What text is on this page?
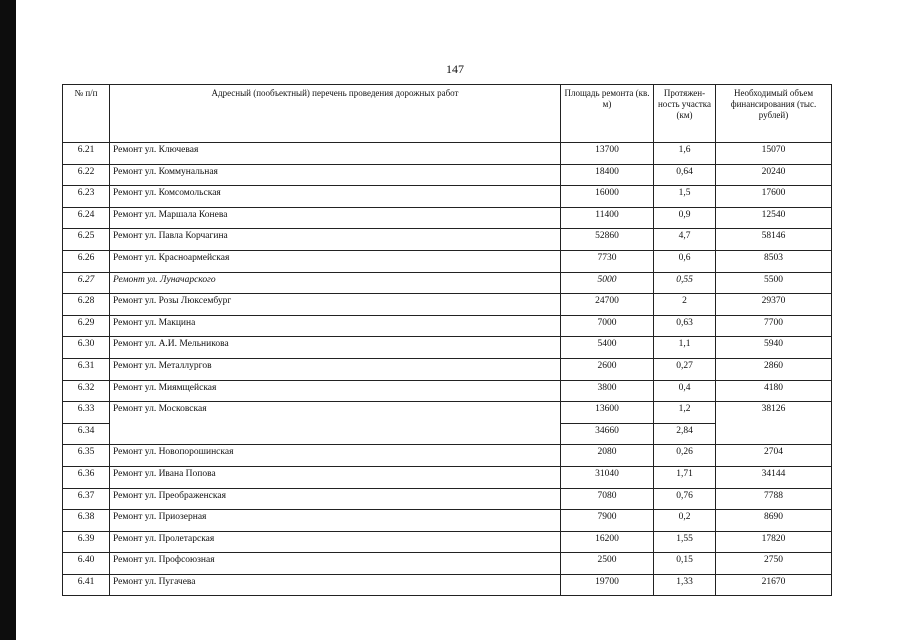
147
№ п/п	Адресный (пообъектный) перечень проведения дорожных работ	Площадь ремонта (кв. м)	Протяжен-ность участка (км)	Необходимый объем финансирования (тыс. рублей)
6.21	Ремонт ул. Ключевая	13700	1,6	15070
6.22	Ремонт ул. Коммунальная	18400	0,64	20240
6.23	Ремонт ул. Комсомольская	16000	1,5	17600
6.24	Ремонт ул. Маршала Конева	11400	0,9	12540
6.25	Ремонт ул. Павла Корчагина	52860	4,7	58146
6.26	Ремонт ул. Красноармейская	7730	0,6	8503
6.27	Ремонт ул. Луначарского	5000	0,55	5500
6.28	Ремонт ул. Розы Люксембург	24700	2	29370
6.29	Ремонт ул. Макцина	7000	0,63	7700
6.30	Ремонт ул. А.И. Мельникова	5400	1,1	5940
6.31	Ремонт ул. Металлургов	2600	0,27	2860
6.32	Ремонт ул. Миямщейская	3800	0,4	4180
6.33	Ремонт ул. Московская	13600	1,2	38126
6.34		34660	2,84	
6.35	Ремонт ул. Новопорошинская	2080	0,26	2704
6.36	Ремонт ул. Ивана Попова	31040	1,71	34144
6.37	Ремонт ул. Преображенская	7080	0,76	7788
6.38	Ремонт ул. Приозерная	7900	0,2	8690
6.39	Ремонт ул. Пролетарская	16200	1,55	17820
6.40	Ремонт ул. Профсоюзная	2500	0,15	2750
6.41	Ремонт ул. Пугачева	19700	1,33	21670
